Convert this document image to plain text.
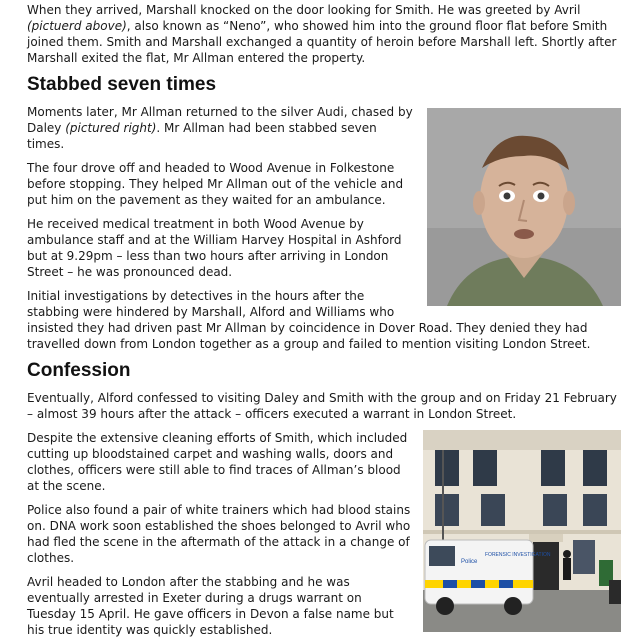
When they arrived, Marshall knocked on the door looking for Smith. He was greeted by Avril (pictuerd above), also known as “Neno”, who showed him into the ground floor flat before Smith joined them. Smith and Marshall exchanged a quantity of heroin before Marshall left. Shortly after Marshall exited the flat, Mr Allman entered the property.

Stabbed seven times

Moments later, Mr Allman returned to the silver Audi, chased by Daley (pictured right). Mr Allman had been stabbed seven times.

The four drove off and headed to Wood Avenue in Folkestone before stopping. They helped Mr Allman out of the vehicle and put him on the pavement as they waited for an ambulance.

He received medical treatment in both Wood Avenue by ambulance staff and at the William Harvey Hospital in Ashford but at 9.29pm – less than two hours after arriving in London Street – he was pronounced dead.

Initial investigations by detectives in the hours after the stabbing were hindered by Marshall, Alford and Williams who insisted they had driven past Mr Allman by coincidence in Dover Road. They denied they had travelled down from London together as a group and failed to mention visiting London Street.

Confession

Eventually, Alford confessed to visiting Daley and Smith with the group and on Friday 21 February – almost 39 hours after the attack – officers executed a warrant in London Street.

FORENSIC INVESTIGATION
Police

Despite the extensive cleaning efforts of Smith, which included cutting up bloodstained carpet and washing walls, doors and clothes, officers were still able to find traces of Allman’s blood at the scene.

Police also found a pair of white trainers which had blood stains on. DNA work soon established the shoes belonged to Avril who had fled the scene in the aftermath of the attack in a change of clothes.

Avril headed to London after the stabbing and he was eventually arrested in Exeter during a drugs warrant on Tuesday 15 April. He gave officers in Devon a false name but his true identity was quickly established.
